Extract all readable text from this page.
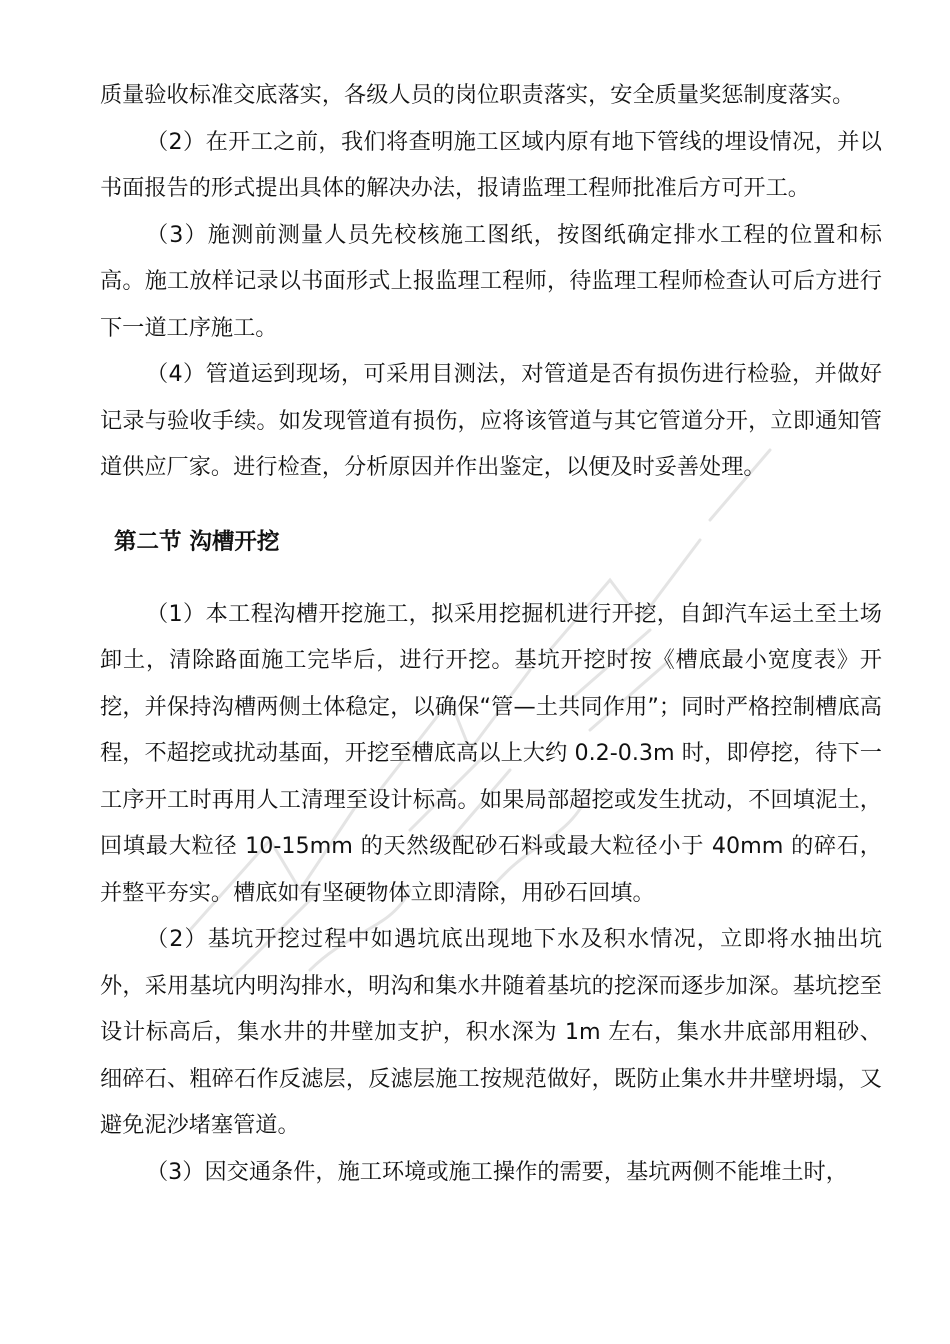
质量验收标准交底落实，各级人员的岗位职责落实，安全质量奖惩制度落实。

（2）在开工之前，我们将查明施工区域内原有地下管线的埋设情况，并以书面报告的形式提出具体的解决办法，报请监理工程师批准后方可开工。

（3）施测前测量人员先校核施工图纸，按图纸确定排水工程的位置和标高。施工放样记录以书面形式上报监理工程师，待监理工程师检查认可后方进行下一道工序施工。

（4）管道运到现场，可采用目测法，对管道是否有损伤进行检验，并做好记录与验收手续。如发现管道有损伤，应将该管道与其它管道分开，立即通知管道供应厂家。进行检查，分析原因并作出鉴定，以便及时妥善处理。

第二节 沟槽开挖

（1）本工程沟槽开挖施工，拟采用挖掘机进行开挖，自卸汽车运土至土场卸土，清除路面施工完毕后，进行开挖。基坑开挖时按《槽底最小宽度表》开挖，并保持沟槽两侧土体稳定，以确保“管—土共同作用”；同时严格控制槽底高程，不超挖或扰动基面，开挖至槽底高以上大约 0.2-0.3m 时，即停挖，待下一工序开工时再用人工清理至设计标高。如果局部超挖或发生扰动，不回填泥土，回填最大粒径 10-15mm 的天然级配砂石料或最大粒径小于 40mm 的碎石，并整平夯实。槽底如有坚硬物体立即清除，用砂石回填。

（2）基坑开挖过程中如遇坑底出现地下水及积水情况，立即将水抽出坑外，采用基坑内明沟排水，明沟和集水井随着基坑的挖深而逐步加深。基坑挖至设计标高后，集水井的井壁加支护，积水深为 1m 左右，集水井底部用粗砂、细碎石、粗碎石作反滤层，反滤层施工按规范做好，既防止集水井井壁坍塌，又避免泥沙堵塞管道。

（3）因交通条件，施工环境或施工操作的需要，基坑两侧不能堆土时，
